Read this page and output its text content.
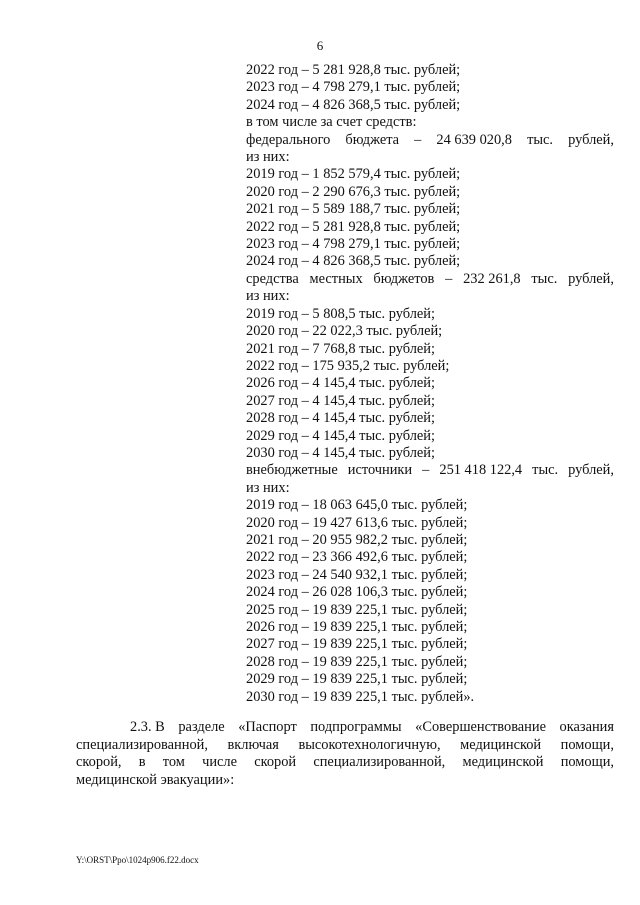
6
2022 год – 5 281 928,8 тыс. рублей;
2023 год – 4 798 279,1 тыс. рублей;
2024 год – 4 826 368,5 тыс. рублей;
в том числе за счет средств:
федерального бюджета – 24 639 020,8 тыс. рублей,
из них:
2019 год – 1 852 579,4 тыс. рублей;
2020 год – 2 290 676,3 тыс. рублей;
2021 год – 5 589 188,7 тыс. рублей;
2022 год – 5 281 928,8 тыс. рублей;
2023 год – 4 798 279,1 тыс. рублей;
2024 год – 4 826 368,5 тыс. рублей;
средства местных бюджетов – 232 261,8 тыс. рублей,
из них:
2019 год – 5 808,5 тыс. рублей;
2020 год – 22 022,3 тыс. рублей;
2021 год – 7 768,8 тыс. рублей;
2022 год – 175 935,2 тыс. рублей;
2026 год – 4 145,4 тыс. рублей;
2027 год – 4 145,4 тыс. рублей;
2028 год – 4 145,4 тыс. рублей;
2029 год – 4 145,4 тыс. рублей;
2030 год – 4 145,4 тыс. рублей;
внебюджетные источники – 251 418 122,4 тыс. рублей,
из них:
2019 год – 18 063 645,0 тыс. рублей;
2020 год – 19 427 613,6 тыс. рублей;
2021 год – 20 955 982,2 тыс. рублей;
2022 год – 23 366 492,6 тыс. рублей;
2023 год – 24 540 932,1 тыс. рублей;
2024 год – 26 028 106,3 тыс. рублей;
2025 год – 19 839 225,1 тыс. рублей;
2026 год – 19 839 225,1 тыс. рублей;
2027 год – 19 839 225,1 тыс. рублей;
2028 год – 19 839 225,1 тыс. рублей;
2029 год – 19 839 225,1 тыс. рублей;
2030 год – 19 839 225,1 тыс. рублей».
2.3. В разделе «Паспорт подпрограммы «Совершенствование оказания
специализированной, включая высокотехнологичную, медицинской помощи,
скорой, в том числе скорой специализированной, медицинской помощи,
медицинской эвакуации»:
Y:\ORST\Ppo\1024p906.f22.docx
